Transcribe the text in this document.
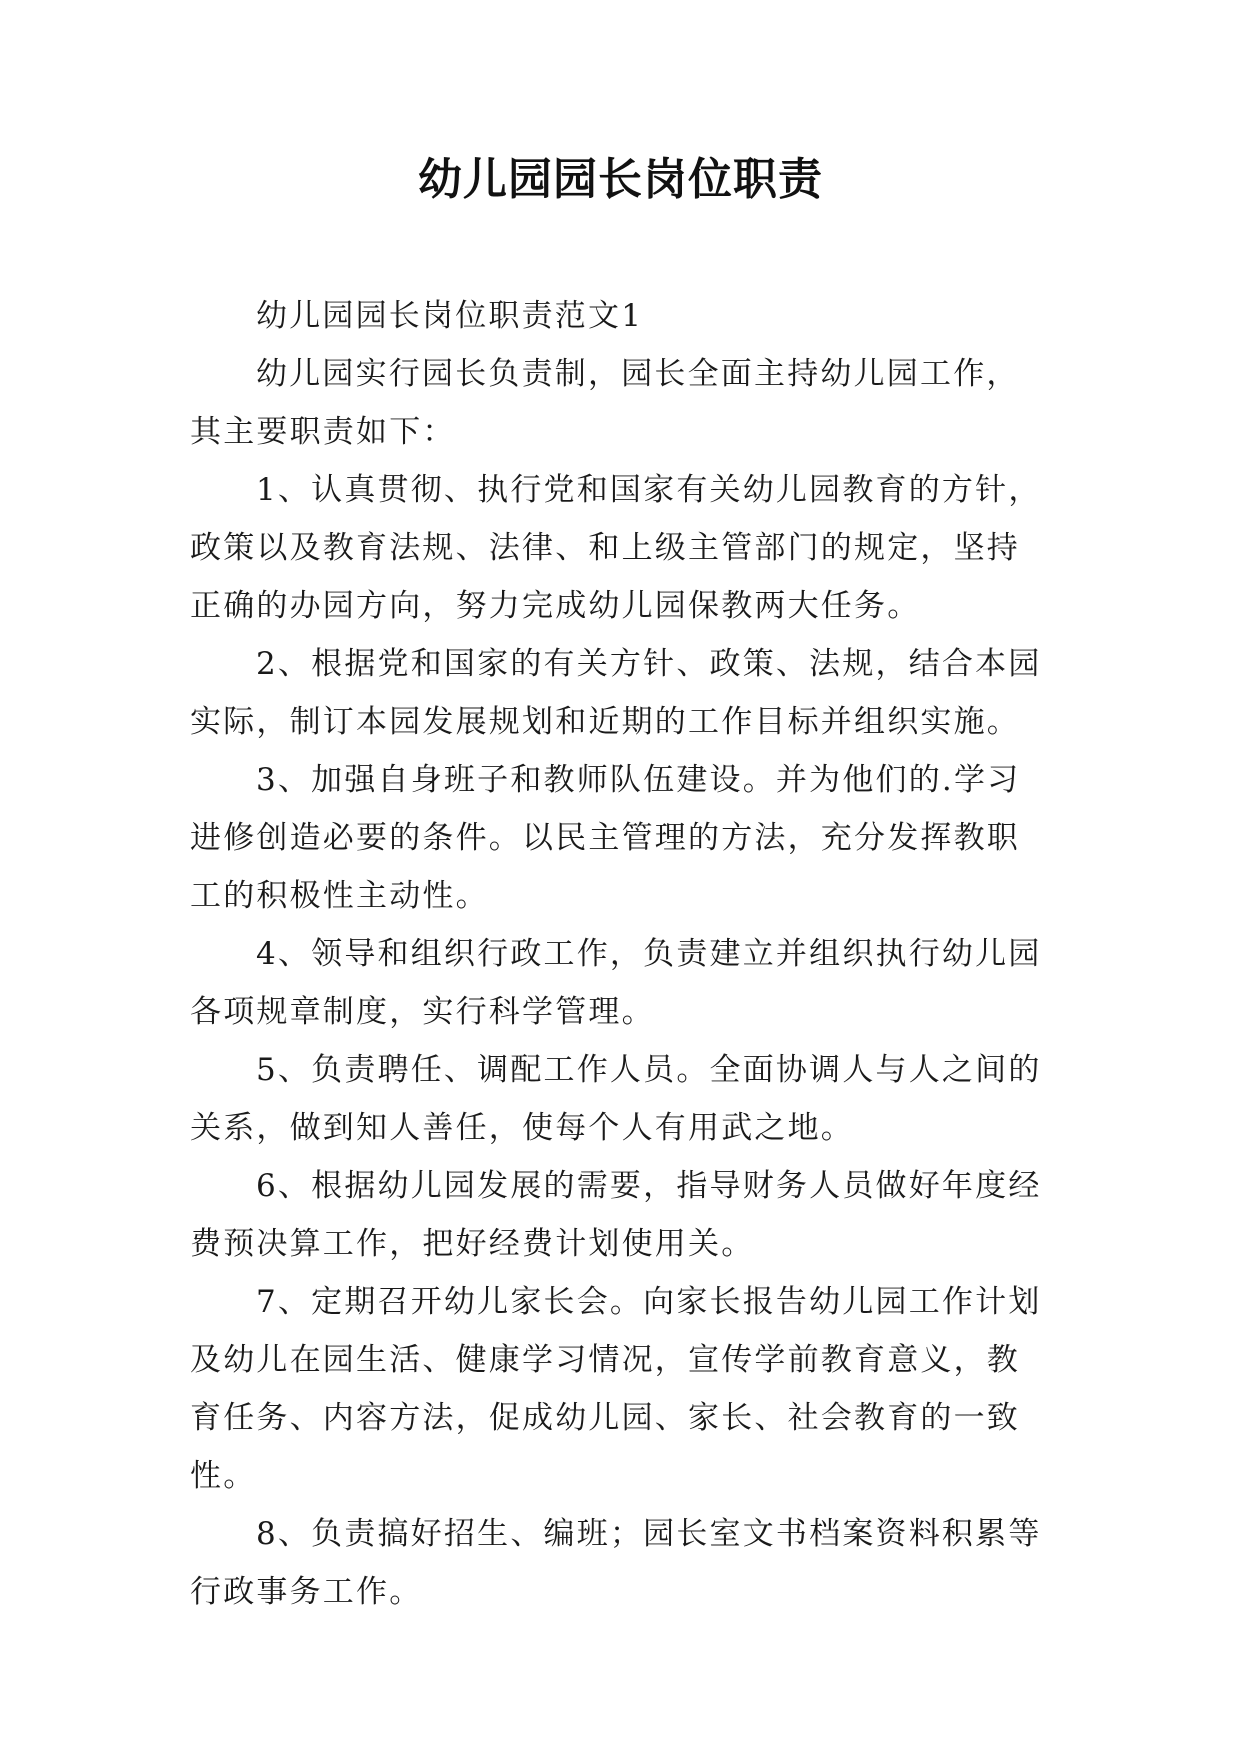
幼儿园园长岗位职责

幼儿园园长岗位职责范文1

幼儿园实行园长负责制，园长全面主持幼儿园工作，其主要职责如下：

1、认真贯彻、执行党和国家有关幼儿园教育的方针，政策以及教育法规、法律、和上级主管部门的规定，坚持正确的办园方向，努力完成幼儿园保教两大任务。

2、根据党和国家的有关方针、政策、法规，结合本园实际，制订本园发展规划和近期的工作目标并组织实施。

3、加强自身班子和教师队伍建设。并为他们的.学习进修创造必要的条件。以民主管理的方法，充分发挥教职工的积极性主动性。

4、领导和组织行政工作，负责建立并组织执行幼儿园各项规章制度，实行科学管理。

5、负责聘任、调配工作人员。全面协调人与人之间的关系，做到知人善任，使每个人有用武之地。

6、根据幼儿园发展的需要，指导财务人员做好年度经费预决算工作，把好经费计划使用关。

7、定期召开幼儿家长会。向家长报告幼儿园工作计划及幼儿在园生活、健康学习情况，宣传学前教育意义，教育任务、内容方法，促成幼儿园、家长、社会教育的一致性。

8、负责搞好招生、编班；园长室文书档案资料积累等行政事务工作。
